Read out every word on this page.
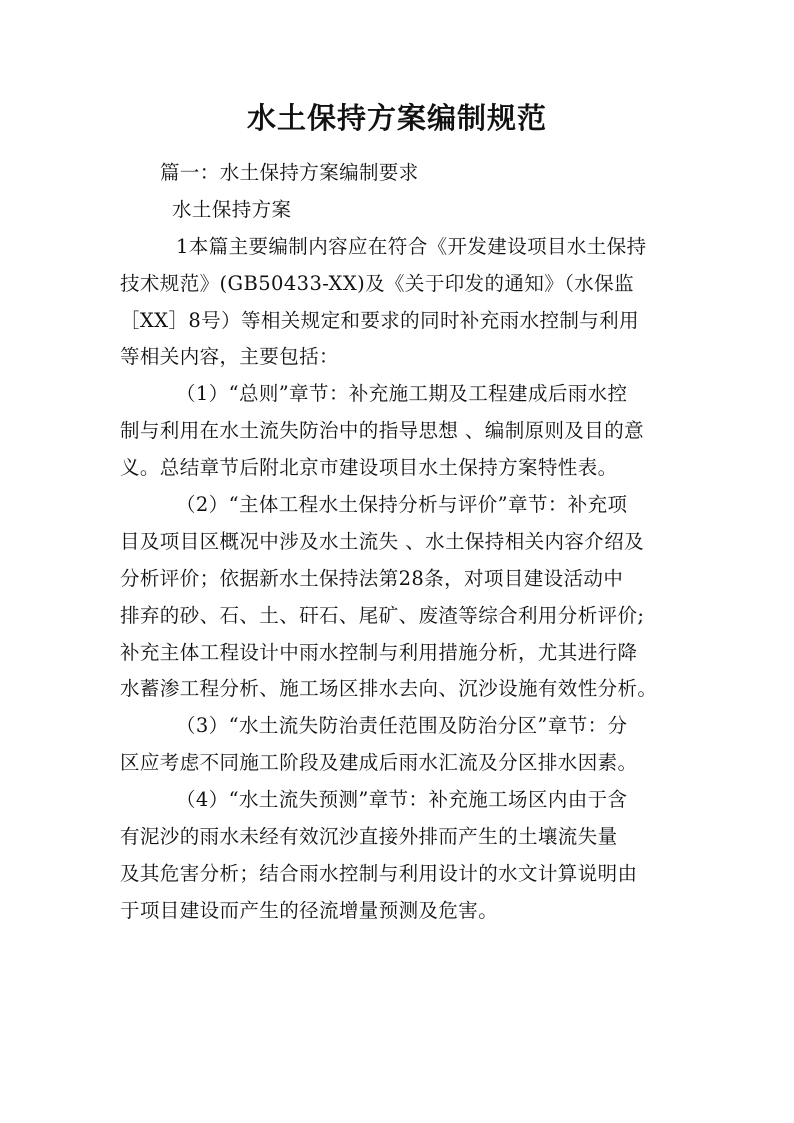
水土保持方案编制规范
篇一：水土保持方案编制要求
水土保持方案
1本篇主要编制内容应在符合《开发建设项目水土保持
技术规范》(GB50433-XX)及《关于印发的通知》（水保监
［XX］8号）等相关规定和要求的同时补充雨水控制与利用
等相关内容，主要包括：
（1）“总则”章节：补充施工期及工程建成后雨水控
制与利用在水土流失防治中的指导思想 、编制原则及目的意
义。总结章节后附北京市建设项目水土保持方案特性表。
（2）“主体工程水土保持分析与评价”章节：补充项
目及项目区概况中涉及水土流失 、水土保持相关内容介绍及
分析评价；依据新水土保持法第28条，对项目建设活动中
排弃的砂、石、土、矸石、尾矿、废渣等综合利用分析评价;
补充主体工程设计中雨水控制与利用措施分析，尤其进行降
水蓄渗工程分析、施工场区排水去向、沉沙设施有效性分析。
（3）“水土流失防治责任范围及防治分区”章节：分
区应考虑不同施工阶段及建成后雨水汇流及分区排水因素。
（4）“水土流失预测”章节：补充施工场区内由于含
有泥沙的雨水未经有效沉沙直接外排而产生的土壤流失量
及其危害分析；结合雨水控制与利用设计的水文计算说明由
于项目建设而产生的径流增量预测及危害。
